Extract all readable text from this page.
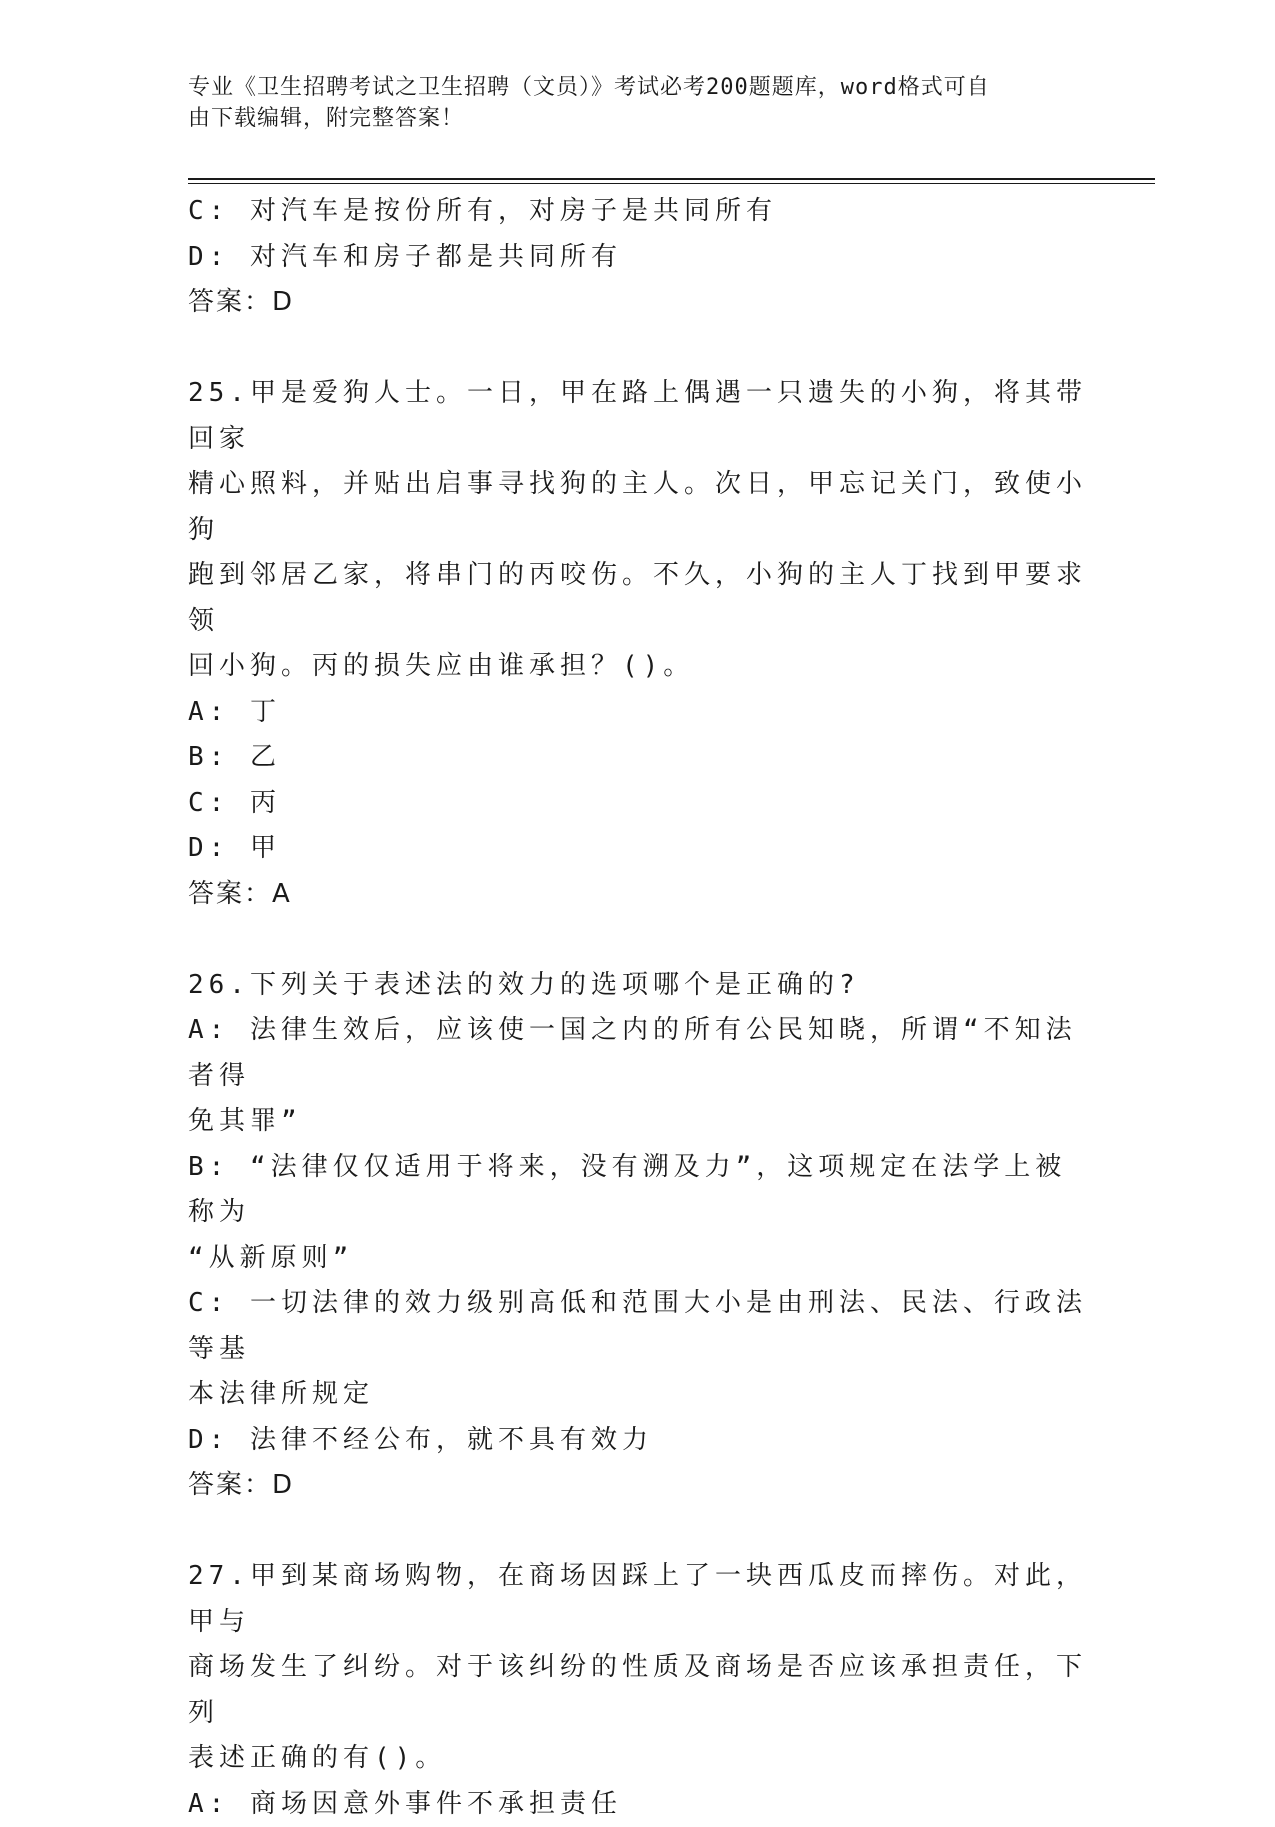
专业《卫生招聘考试之卫生招聘（文员）》考试必考200题题库，word格式可自
由下载编辑，附完整答案！
C: 对汽车是按份所有，对房子是共同所有
D: 对汽车和房子都是共同所有
答案：D
25.甲是爱狗人士。一日，甲在路上偶遇一只遗失的小狗，将其带回家
精心照料，并贴出启事寻找狗的主人。次日，甲忘记关门，致使小狗
跑到邻居乙家，将串门的丙咬伤。不久，小狗的主人丁找到甲要求领
回小狗。丙的损失应由谁承担？()。
A: 丁
B: 乙
C: 丙
D: 甲
答案：A
26.下列关于表述法的效力的选项哪个是正确的?
A: 法律生效后，应该使一国之内的所有公民知晓，所谓“不知法者得
免其罪”
B: “法律仅仅适用于将来，没有溯及力”，这项规定在法学上被称为
“从新原则”
C: 一切法律的效力级别高低和范围大小是由刑法、民法、行政法等基
本法律所规定
D: 法律不经公布，就不具有效力
答案：D
27.甲到某商场购物，在商场因踩上了一块西瓜皮而摔伤。对此，甲与
商场发生了纠纷。对于该纠纷的性质及商场是否应该承担责任，下列
表述正确的有()。
A: 商场因意外事件不承担责任
